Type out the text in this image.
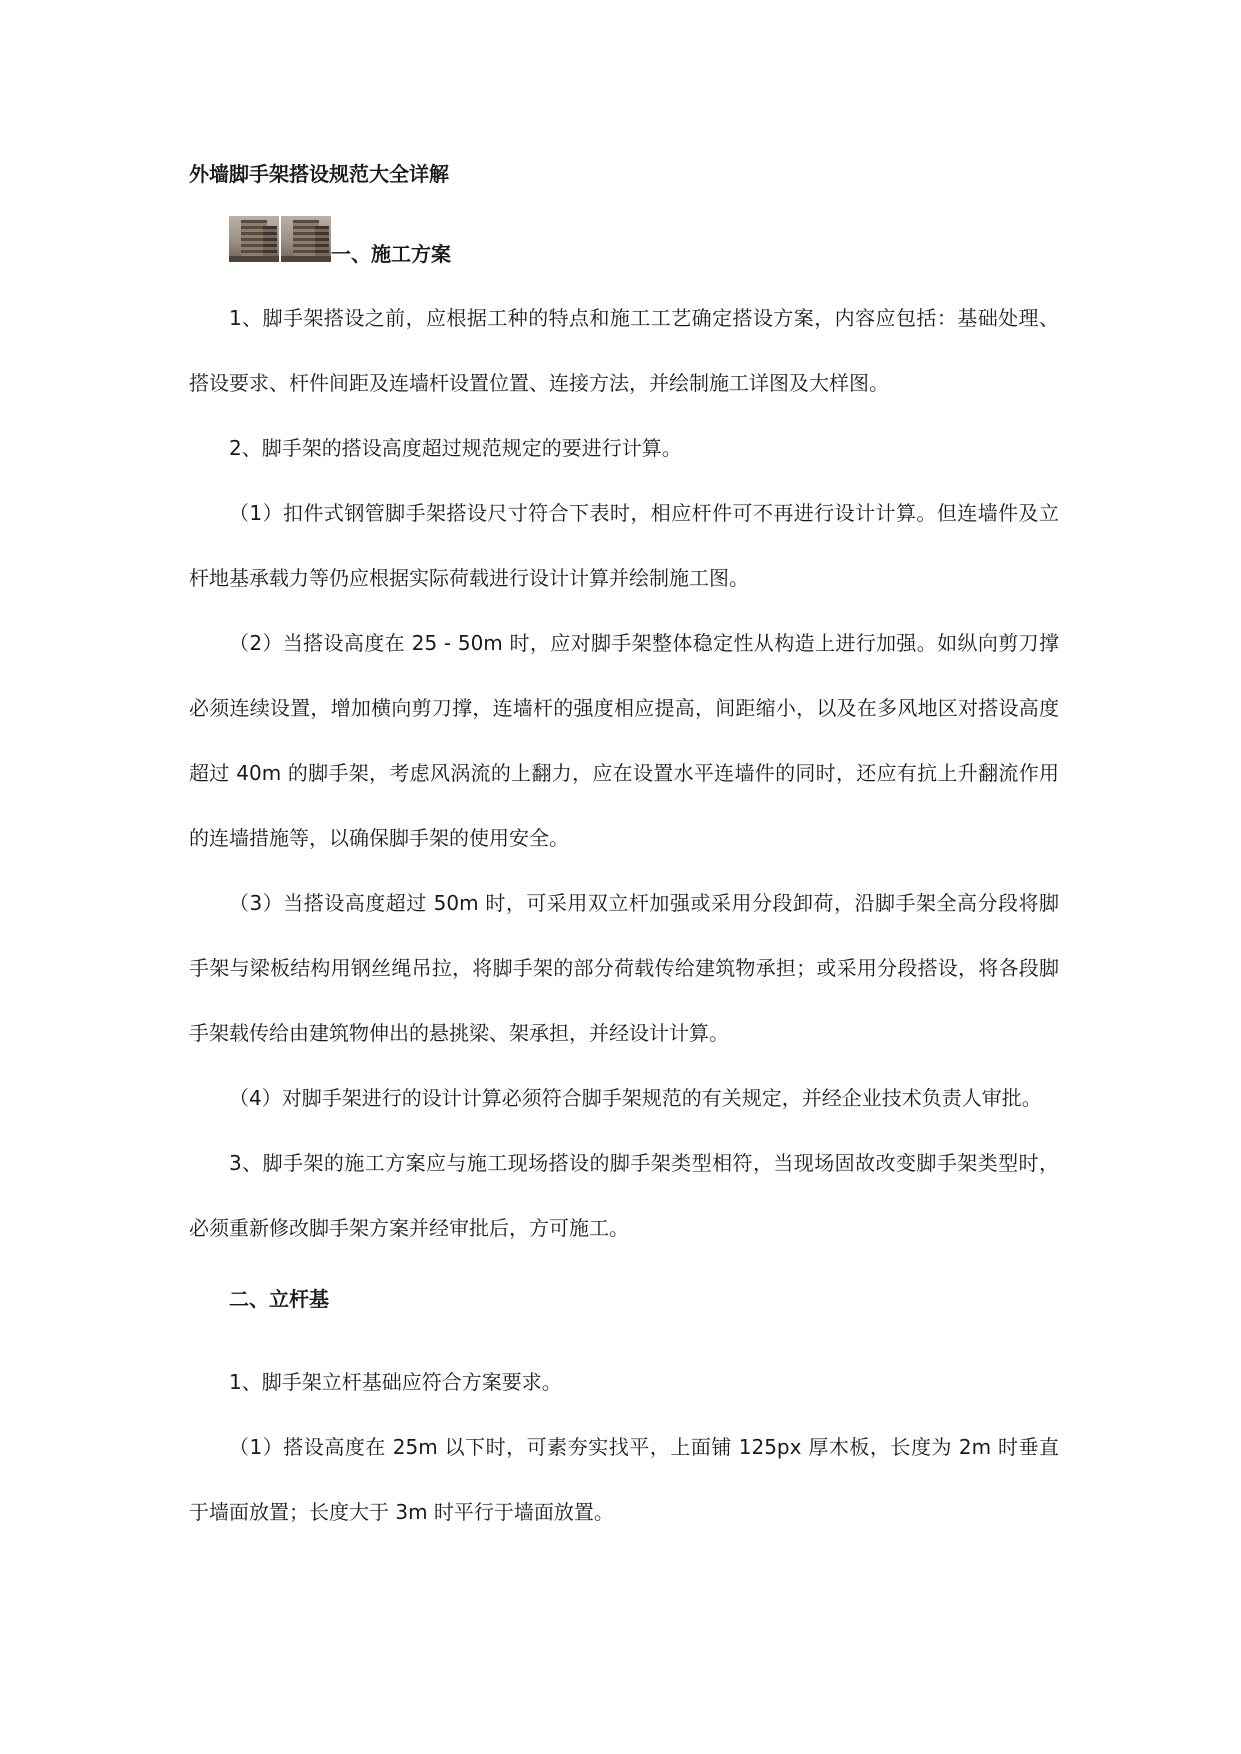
外墙脚手架搭设规范大全详解
一、施工方案

1、脚手架搭设之前，应根据工种的特点和施工工艺确定搭设方案，内容应包括：基础处理、搭设要求、杆件间距及连墙杆设置位置、连接方法，并绘制施工详图及大样图。

2、脚手架的搭设高度超过规范规定的要进行计算。

（1）扣件式钢管脚手架搭设尺寸符合下表时，相应杆件可不再进行设计计算。但连墙件及立杆地基承载力等仍应根据实际荷载进行设计计算并绘制施工图。

（2）当搭设高度在 25 - 50m 时，应对脚手架整体稳定性从构造上进行加强。如纵向剪刀撑必须连续设置，增加横向剪刀撑，连墙杆的强度相应提高，间距缩小，以及在多风地区对搭设高度超过 40m 的脚手架，考虑风涡流的上翻力，应在设置水平连墙件的同时，还应有抗上升翻流作用的连墙措施等，以确保脚手架的使用安全。

（3）当搭设高度超过 50m 时，可采用双立杆加强或采用分段卸荷，沿脚手架全高分段将脚手架与梁板结构用钢丝绳吊拉，将脚手架的部分荷载传给建筑物承担；或采用分段搭设，将各段脚手架载传给由建筑物伸出的悬挑梁、架承担，并经设计计算。

（4）对脚手架进行的设计计算必须符合脚手架规范的有关规定，并经企业技术负责人审批。

3、脚手架的施工方案应与施工现场搭设的脚手架类型相符，当现场固故改变脚手架类型时，必须重新修改脚手架方案并经审批后，方可施工。

二、立杆基

1、脚手架立杆基础应符合方案要求。

（1）搭设高度在 25m 以下时，可素夯实找平，上面铺 125px 厚木板，长度为 2m 时垂直于墙面放置；长度大于 3m 时平行于墙面放置。
